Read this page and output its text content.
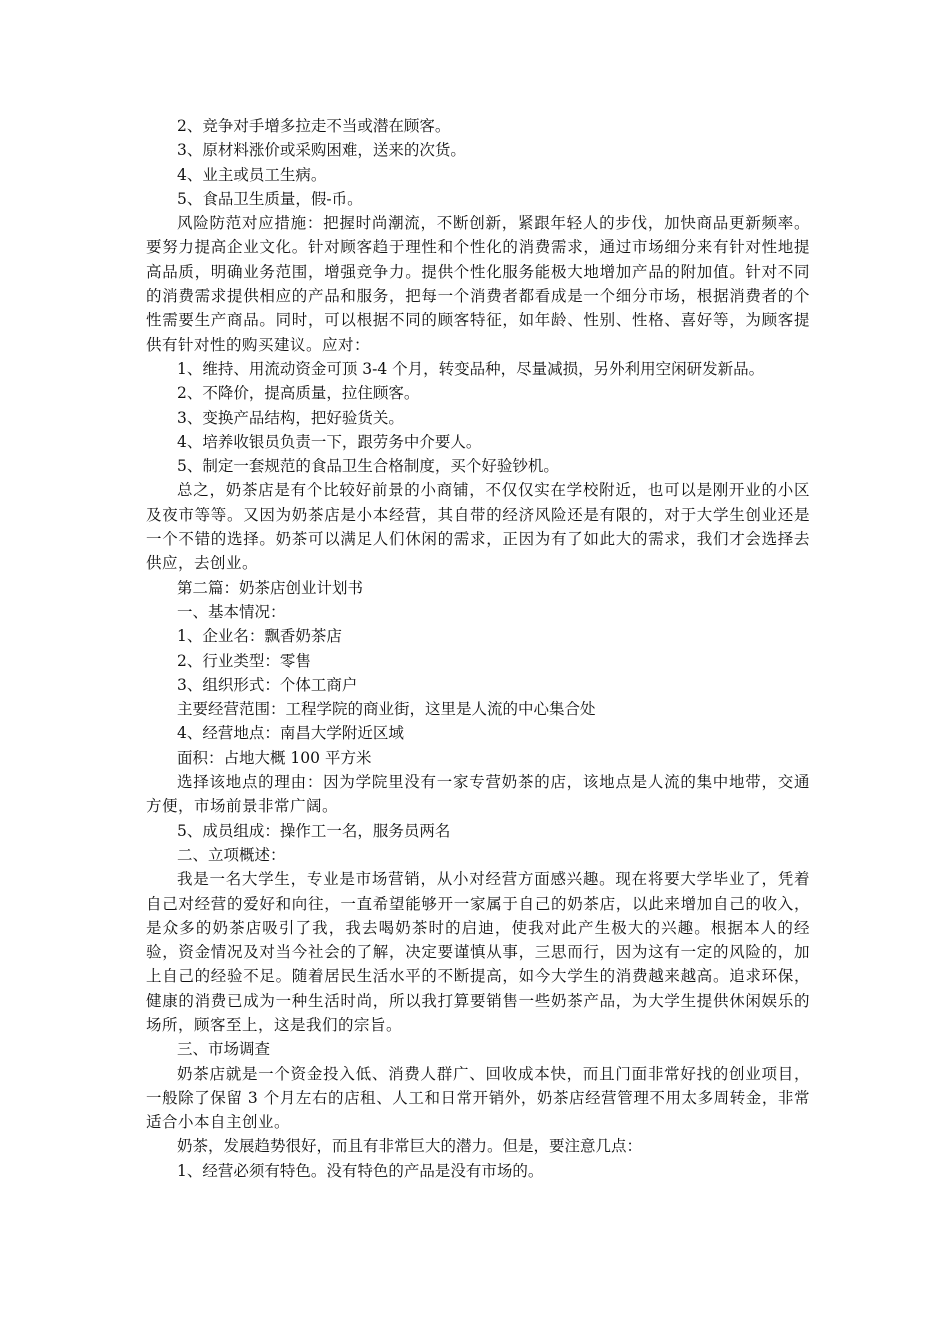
2、竞争对手增多拉走不当或潜在顾客。

3、原材料涨价或采购困难，送来的次货。

4、业主或员工生病。

5、食品卫生质量，假-币。

风险防范对应措施：把握时尚潮流，不断创新，紧跟年轻人的步伐，加快商品更新频率。要努力提高企业文化。针对顾客趋于理性和个性化的消费需求，通过市场细分来有针对性地提高品质，明确业务范围，增强竞争力。提供个性化服务能极大地增加产品的附加值。针对不同的消费需求提供相应的产品和服务，把每一个消费者都看成是一个细分市场，根据消费者的个性需要生产商品。同时，可以根据不同的顾客特征，如年龄、性别、性格、喜好等，为顾客提供有针对性的购买建议。应对：

1、维持、用流动资金可顶 3-4 个月，转变品种，尽量减损，另外利用空闲研发新品。

2、不降价，提高质量，拉住顾客。

3、变换产品结构，把好验货关。

4、培养收银员负责一下，跟劳务中介要人。

5、制定一套规范的食品卫生合格制度，买个好验钞机。

总之，奶茶店是有个比较好前景的小商铺，不仅仅实在学校附近，也可以是刚开业的小区及夜市等等。又因为奶茶店是小本经营，其自带的经济风险还是有限的，对于大学生创业还是一个不错的选择。奶茶可以满足人们休闲的需求，正因为有了如此大的需求，我们才会选择去供应，去创业。

第二篇：奶茶店创业计划书

一、基本情况：

1、企业名：飘香奶茶店

2、行业类型：零售

3、组织形式：个体工商户

主要经营范围：工程学院的商业街，这里是人流的中心集合处

4、经营地点：南昌大学附近区域

面积：占地大概 100 平方米

选择该地点的理由：因为学院里没有一家专营奶茶的店，该地点是人流的集中地带，交通方便，市场前景非常广阔。

5、成员组成：操作工一名，服务员两名

二、立项概述：

我是一名大学生，专业是市场营销，从小对经营方面感兴趣。现在将要大学毕业了，凭着自己对经营的爱好和向往，一直希望能够开一家属于自己的奶茶店，以此来增加自己的收入，是众多的奶茶店吸引了我，我去喝奶茶时的启迪，使我对此产生极大的兴趣。根据本人的经验，资金情况及对当今社会的了解，决定要谨慎从事，三思而行，因为这有一定的风险的，加上自己的经验不足。随着居民生活水平的不断提高，如今大学生的消费越来越高。追求环保，健康的消费已成为一种生活时尚，所以我打算要销售一些奶茶产品，为大学生提供休闲娱乐的场所，顾客至上，这是我们的宗旨。

三、市场调查

奶茶店就是一个资金投入低、消费人群广、回收成本快，而且门面非常好找的创业项目，一般除了保留 3 个月左右的店租、人工和日常开销外，奶茶店经营管理不用太多周转金，非常适合小本自主创业。

奶茶，发展趋势很好，而且有非常巨大的潜力。但是，要注意几点：

1、经营必须有特色。没有特色的产品是没有市场的。
